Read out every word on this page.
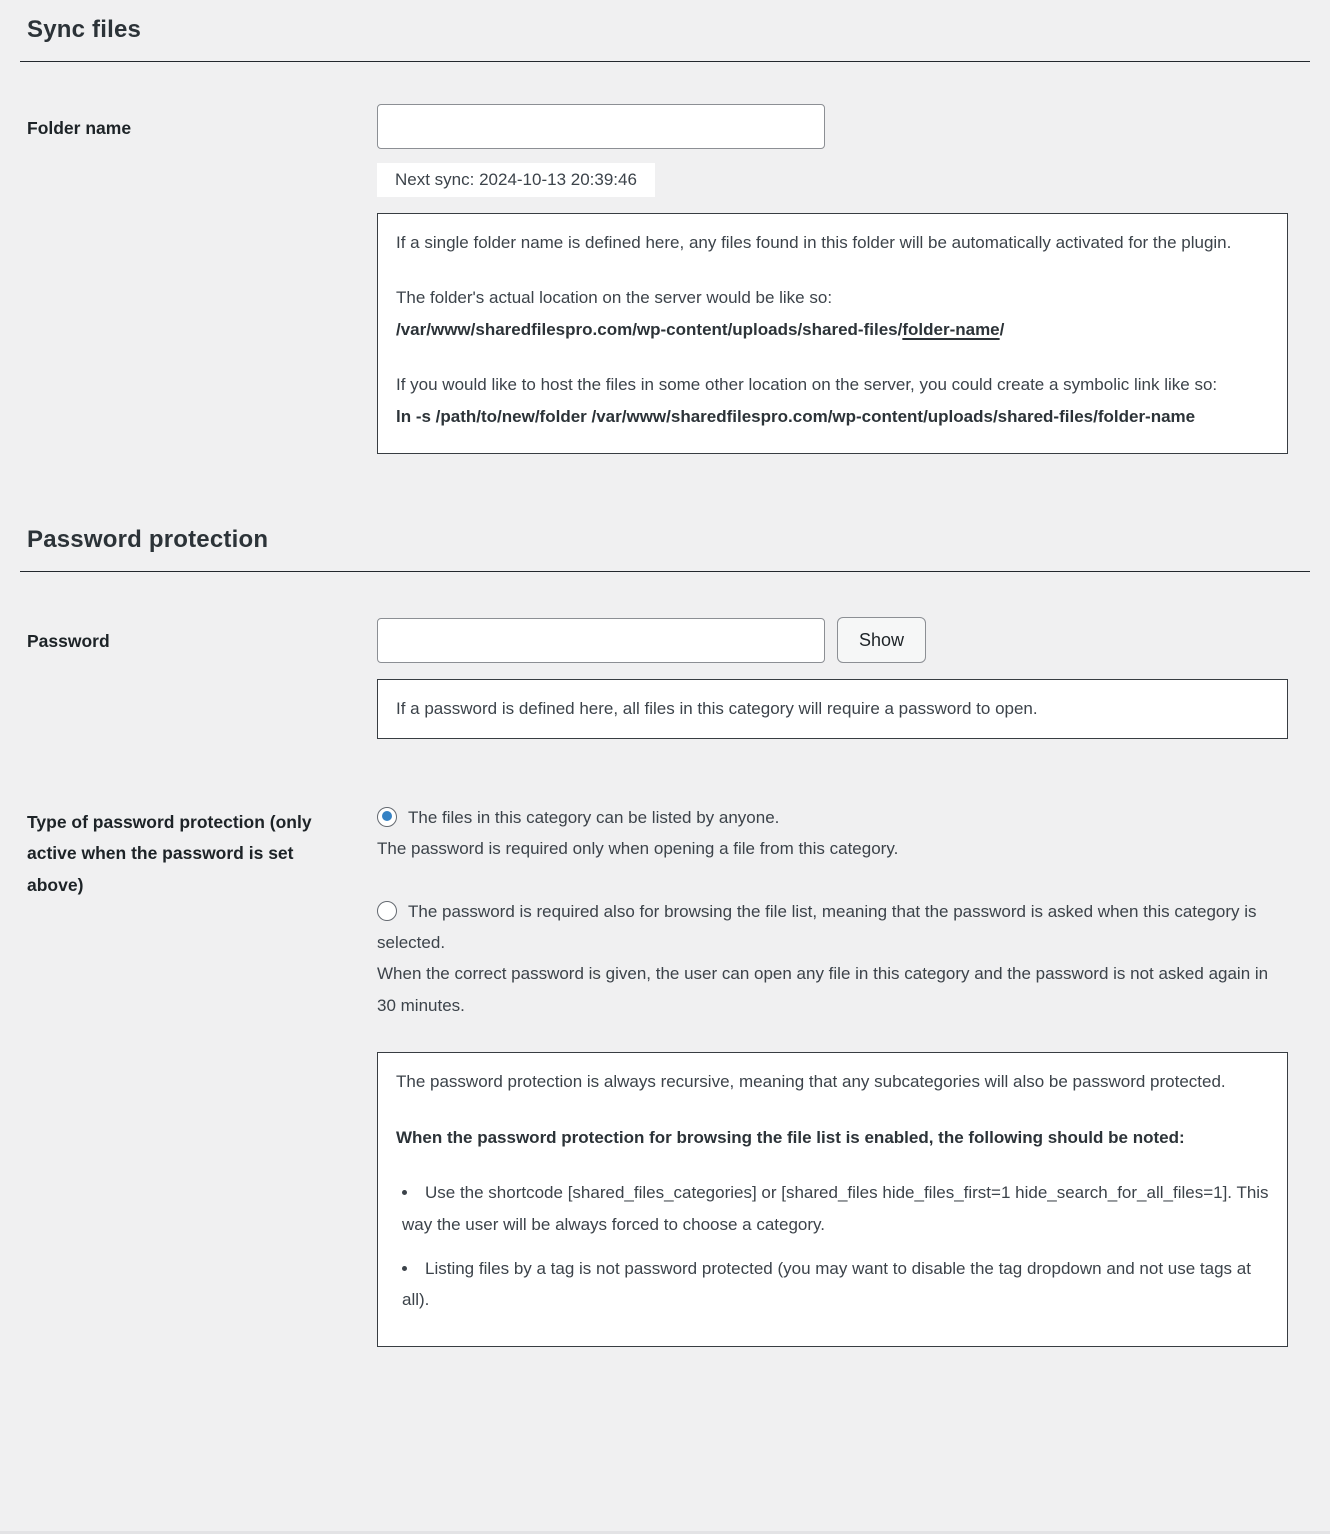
Sync files
Folder name
Next sync: 2024-10-13 20:39:46

If a single folder name is defined here, any files found in this folder will be automatically activated for the plugin.

The folder's actual location on the server would be like so:
/var/www/sharedfilespro.com/wp-content/uploads/shared-files/folder-name/

If you would like to host the files in some other location on the server, you could create a symbolic link like so:
ln -s /path/to/new/folder /var/www/sharedfilespro.com/wp-content/uploads/shared-files/folder-name

Password protection
Password	Show

If a password is defined here, all files in this category will require a password to open.

Type of password protection (only active when the password is set above)
The files in this category can be listed by anyone.
The password is required only when opening a file from this category.
The password is required also for browsing the file list, meaning that the password is asked when this category is selected.
When the correct password is given, the user can open any file in this category and the password is not asked again in 30 minutes.

The password protection is always recursive, meaning that any subcategories will also be password protected.

When the password protection for browsing the file list is enabled, the following should be noted:

• Use the shortcode [shared_files_categories] or [shared_files hide_files_first=1 hide_search_for_all_files=1]. This way the user will be always forced to choose a category.
• Listing files by a tag is not password protected (you may want to disable the tag dropdown and not use tags at all).
